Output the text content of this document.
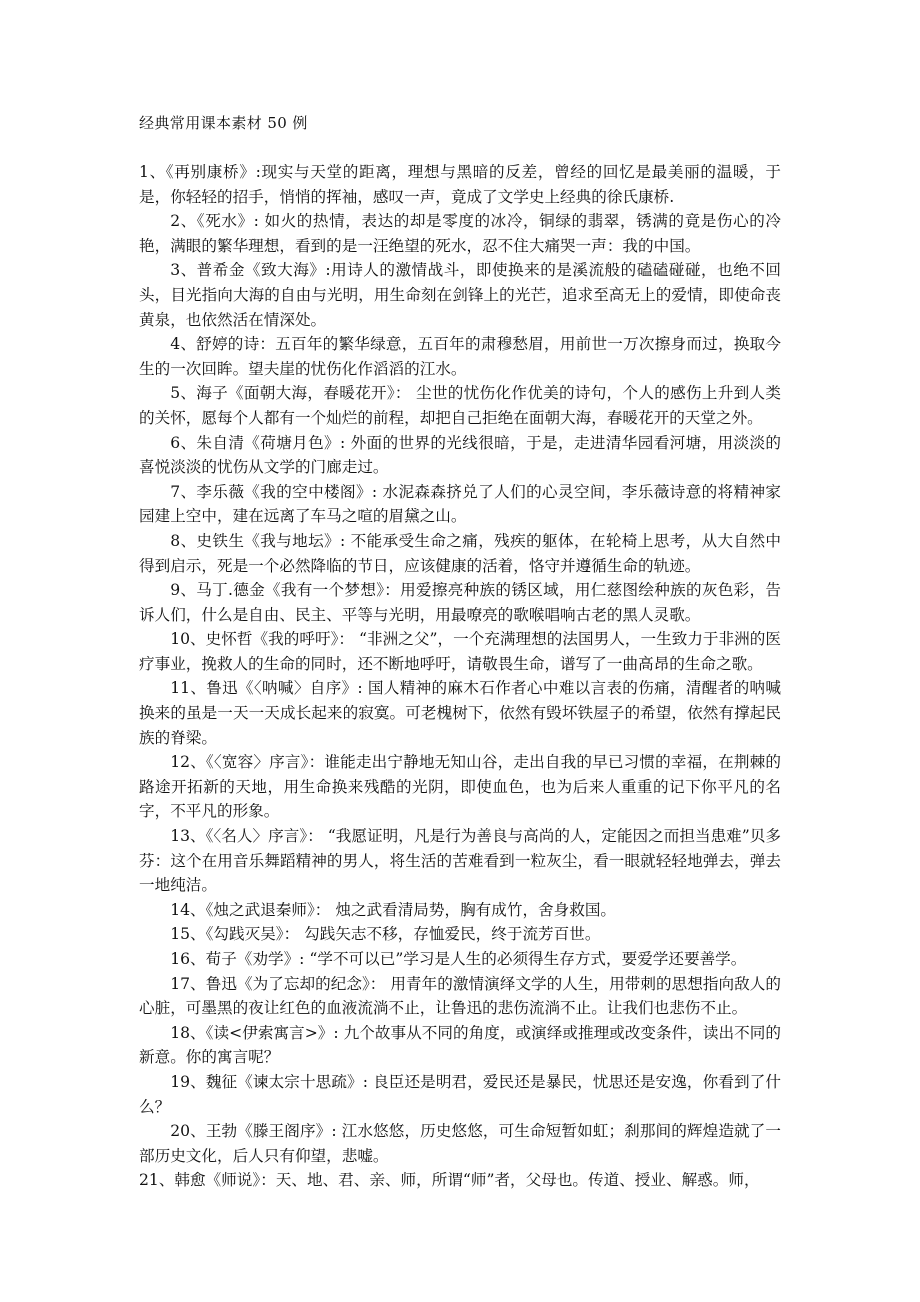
经典常用课本素材 50 例

1、《再别康桥》:现实与天堂的距离，理想与黑暗的反差，曾经的回忆是最美丽的温暖，于是，你轻轻的招手，悄悄的挥袖，感叹一声，竟成了文学史上经典的徐氏康桥.

2、《死水》: 如火的热情，表达的却是零度的冰冷，铜绿的翡翠，锈满的竟是伤心的冷艳，满眼的繁华理想，看到的是一汪绝望的死水，忍不住大痛哭一声：我的中国。

3、普希金《致大海》:用诗人的激情战斗，即使换来的是溪流般的磕磕碰碰，也绝不回头，目光指向大海的自由与光明，用生命刻在剑锋上的光芒，追求至高无上的爱情，即使命丧黄泉，也依然活在情深处。

4、舒婷的诗：五百年的繁华绿意，五百年的肃穆愁眉，用前世一万次擦身而过，换取今生的一次回眸。望夫崖的忧伤化作滔滔的江水。

5、海子《面朝大海，春暖花开》： 尘世的忧伤化作优美的诗句，个人的感伤上升到人类的关怀，愿每个人都有一个灿烂的前程，却把自己拒绝在面朝大海，春暖花开的天堂之外。

6、朱自清《荷塘月色》: 外面的世界的光线很暗，于是，走进清华园看河塘，用淡淡的喜悦淡淡的忧伤从文学的门廊走过。

7、李乐薇《我的空中楼阁》: 水泥森森挤兑了人们的心灵空间，李乐薇诗意的将精神家园建上空中，建在远离了车马之喧的眉黛之山。

8、史铁生《我与地坛》: 不能承受生命之痛，残疾的躯体，在轮椅上思考，从大自然中得到启示，死是一个必然降临的节日，应该健康的活着，恪守并遵循生命的轨迹。

9、马丁.德金《我有一个梦想》：用爱擦亮种族的锈区域，用仁慈图绘种族的灰色彩，告诉人们，什么是自由、民主、平等与光明，用最嘹亮的歌喉唱响古老的黑人灵歌。

10、史怀哲《我的呼吁》： “非洲之父”，一个充满理想的法国男人，一生致力于非洲的医疗事业，挽救人的生命的同时，还不断地呼吁，请敬畏生命，谱写了一曲高昂的生命之歌。

11、鲁迅《〈呐喊〉自序》: 国人精神的麻木石作者心中难以言表的伤痛，清醒者的呐喊换来的虽是一天一天成长起来的寂寞。可老槐树下，依然有毁坏铁屋子的希望，依然有撑起民族的脊梁。

12、《〈宽容〉序言》：谁能走出宁静地无知山谷，走出自我的早已习惯的幸福，在荆棘的路途开拓新的天地，用生命换来残酷的光阴，即使血色，也为后来人重重的记下你平凡的名字，不平凡的形象。

13、《〈名人〉序言》： “我愿证明，凡是行为善良与高尚的人，定能因之而担当患难”贝多芬：这个在用音乐舞蹈精神的男人，将生活的苦难看到一粒灰尘，看一眼就轻轻地弹去，弹去一地纯洁。

14、《烛之武退秦师》： 烛之武看清局势，胸有成竹，舍身救国。

15、《勾践灭吴》： 勾践矢志不移，存恤爱民，终于流芳百世。

16、荀子《劝学》: “学不可以已”学习是人生的必须得生存方式，要爱学还要善学。

17、鲁迅《为了忘却的纪念》： 用青年的激情演绎文学的人生，用带刺的思想指向敌人的心脏，可墨黑的夜让红色的血液流淌不止，让鲁迅的悲伤流淌不止。让我们也悲伤不止。

18、《读<伊索寓言>》: 九个故事从不同的角度，或演绎或推理或改变条件，读出不同的新意。你的寓言呢？

19、魏征《谏太宗十思疏》: 良臣还是明君，爱民还是暴民，忧思还是安逸，你看到了什么？

20、王勃《滕王阁序》: 江水悠悠，历史悠悠，可生命短暂如虹；刹那间的辉煌造就了一部历史文化，后人只有仰望，悲嘘。

21、韩愈《师说》：天、地、君、亲、师，所谓“师”者，父母也。传道、授业、解惑。师，
